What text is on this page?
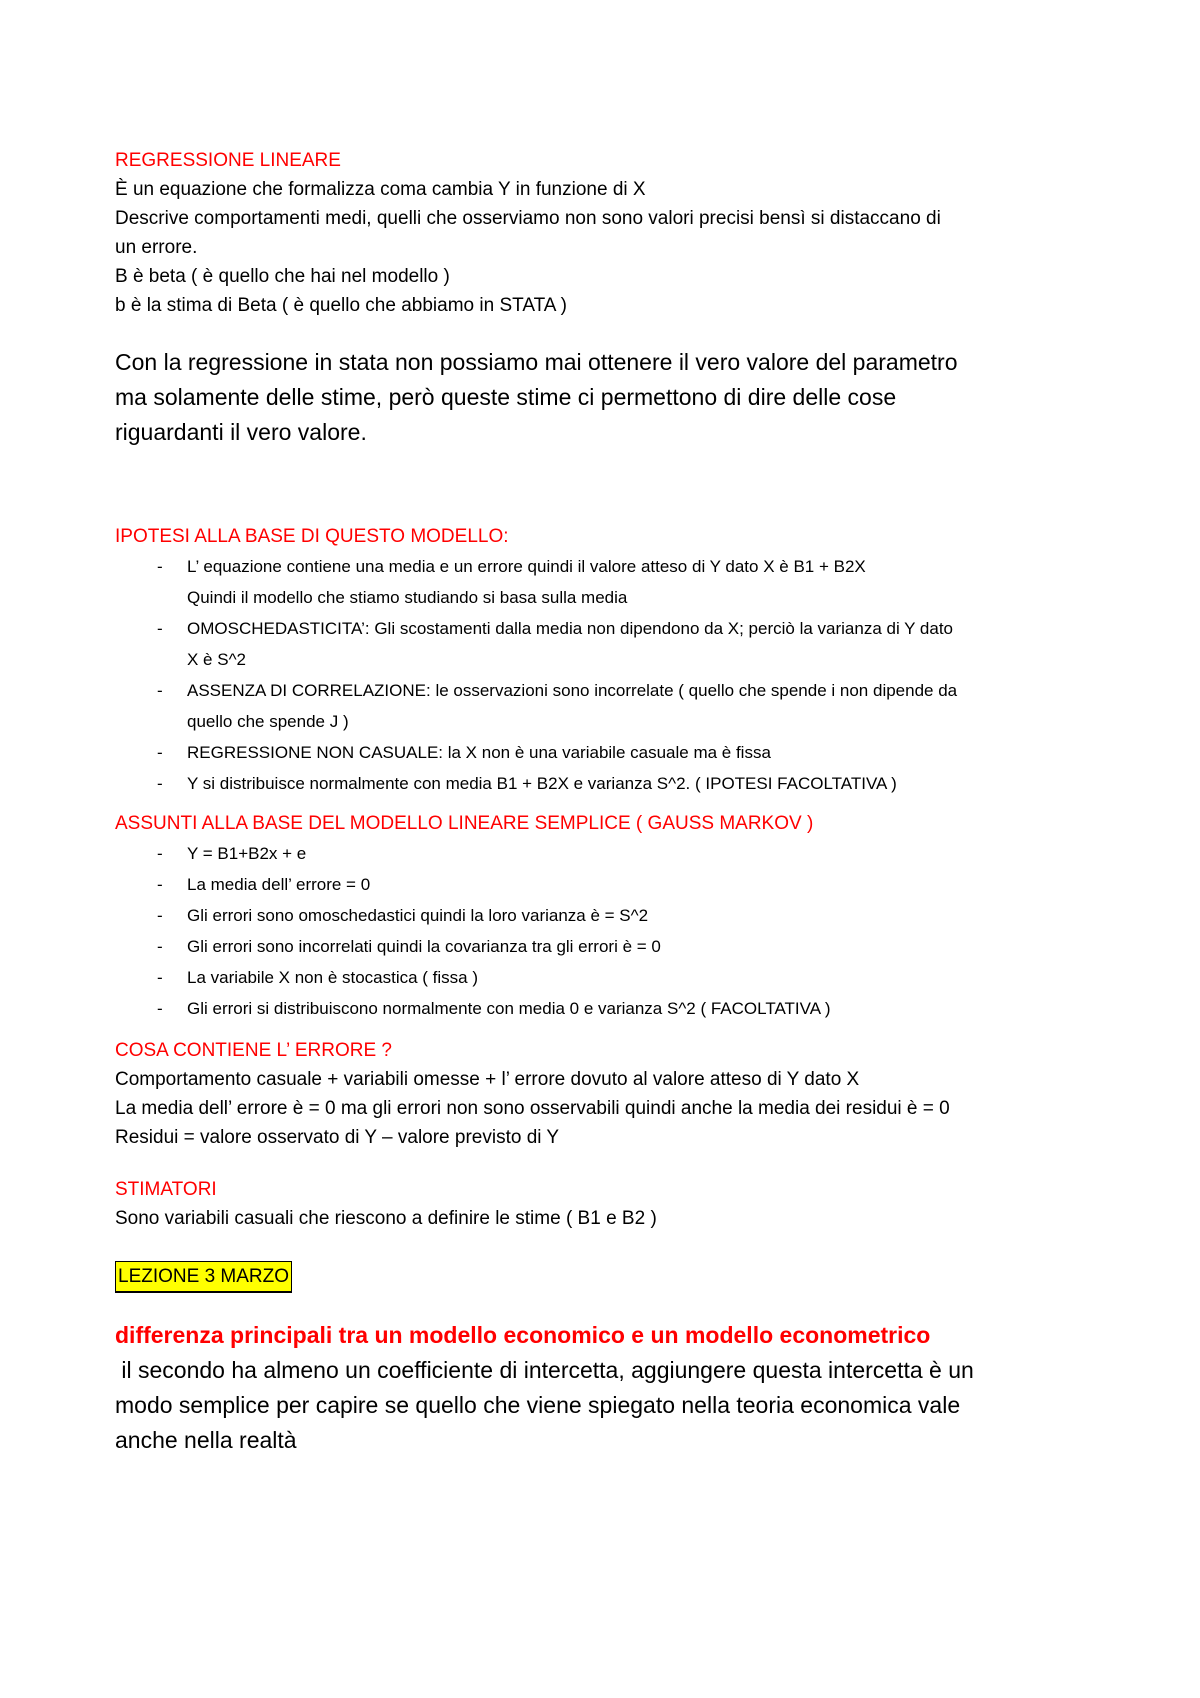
REGRESSIONE LINEARE
È un equazione che formalizza coma cambia Y in funzione di X
Descrive comportamenti medi, quelli che osserviamo non sono valori precisi bensì si distaccano di
un errore.
B è beta ( è quello che hai nel modello )
b è la stima di Beta ( è quello che abbiamo in STATA )
Con la regressione in stata non possiamo mai ottenere il vero valore del parametro
ma solamente delle stime, però queste stime ci permettono di dire delle cose
riguardanti il vero valore.
IPOTESI ALLA BASE DI QUESTO MODELLO:
-	L’ equazione contiene una media e un errore quindi il valore atteso di Y dato X è B1 + B2X
Quindi il modello che stiamo studiando si basa sulla media
-	OMOSCHEDASTICITA’: Gli scostamenti dalla media non dipendono da X; perciò la varianza di Y dato
X è S^2
-	ASSENZA DI CORRELAZIONE: le osservazioni sono incorrelate ( quello che spende i non dipende da
quello che spende J )
-	REGRESSIONE NON CASUALE: la X non è una variabile casuale ma è fissa
-	Y si distribuisce normalmente con media B1 + B2X e varianza S^2. ( IPOTESI FACOLTATIVA )
ASSUNTI ALLA BASE DEL MODELLO LINEARE SEMPLICE ( GAUSS MARKOV )
-	Y = B1+B2x + e
-	La media dell’ errore = 0
-	Gli errori sono omoschedastici quindi la loro varianza è = S^2
-	Gli errori sono incorrelati quindi la covarianza tra gli errori è = 0
-	La variabile X non è stocastica ( fissa )
-	Gli errori si distribuiscono normalmente con media 0 e varianza S^2 ( FACOLTATIVA )
COSA CONTIENE L’ ERRORE ?
Comportamento casuale + variabili omesse + l’ errore dovuto al valore atteso di Y dato X
La media dell’ errore è = 0 ma gli errori non sono osservabili quindi anche la media dei residui è = 0
Residui = valore osservato di Y – valore previsto di Y
STIMATORI
Sono variabili casuali che riescono a definire le stime ( B1 e B2 )
LEZIONE 3 MARZO
differenza principali tra un modello economico e un modello econometrico
il secondo ha almeno un coefficiente di intercetta, aggiungere questa intercetta è un
modo semplice per capire se quello che viene spiegato nella teoria economica vale
anche nella realtà
